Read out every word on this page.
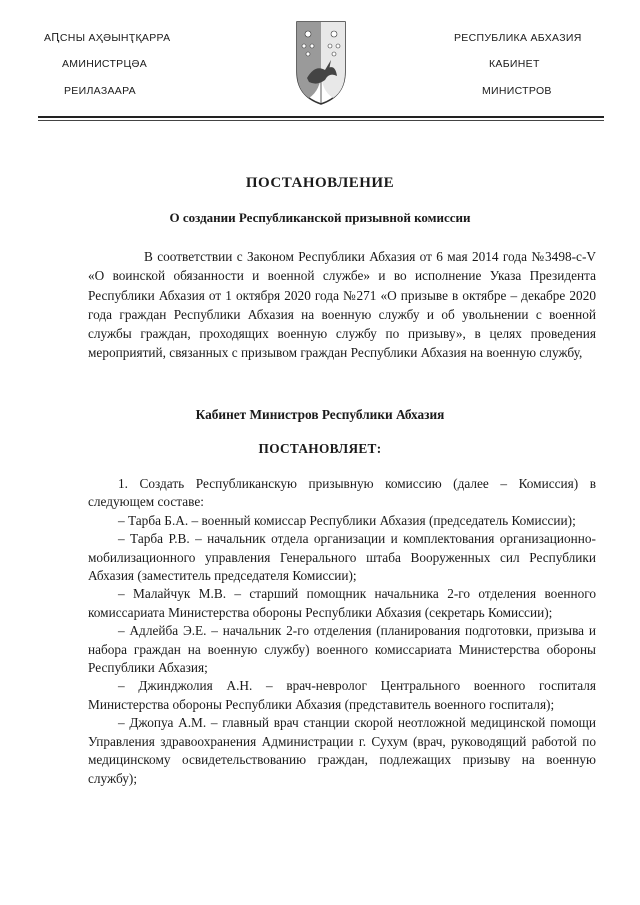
АԤСНЫ АҲӘЫНҬҚАРРА
АМИНИСТРЦӘА
РЕИЛАЗААРА
РЕСПУБЛИКА АБХАЗИЯ
КАБИНЕТ
МИНИСТРОВ
ПОСТАНОВЛЕНИЕ
О создании Республиканской призывной комиссии

В соответствии с Законом Республики Абхазия от 6 мая 2014 года №3498-с-V «О воинской обязанности и военной службе» и во исполнение Указа Президента Республики Абхазия от 1 октября 2020 года №271 «О призыве в октябре – декабре 2020 года граждан Республики Абхазия на военную службу и об увольнении с военной службы граждан, проходящих военную службу по призыву», в целях проведения мероприятий, связанных с призывом граждан Республики Абхазия на военную службу,

Кабинет Министров Республики Абхазия
ПОСТАНОВЛЯЕТ:

1. Создать Республиканскую призывную комиссию (далее – Комиссия) в следующем составе:

– Тарба Б.А. – военный комиссар Республики Абхазия (председатель Комиссии);

– Тарба Р.В. – начальник отдела организации и комплектования организационно-мобилизационного управления Генерального штаба Вооруженных сил Республики Абхазия (заместитель председателя Комиссии);

– Малайчук М.В. – старший помощник начальника 2-го отделения военного комиссариата Министерства обороны Республики Абхазия (секретарь Комиссии);

– Адлейба Э.Е. – начальник 2-го отделения (планирования подготовки, призыва и набора граждан на военную службу) военного комиссариата Министерства обороны Республики Абхазия;

– Джинджолия А.Н. – врач-невролог Центрального военного госпиталя Министерства обороны Республики Абхазия (представитель военного госпиталя);

– Джопуа А.М. – главный врач станции скорой неотложной медицинской помощи Управления здравоохранения Администрации г. Сухум (врач, руководящий работой по медицинскому освидетельствованию граждан, подлежащих призыву на военную службу);
